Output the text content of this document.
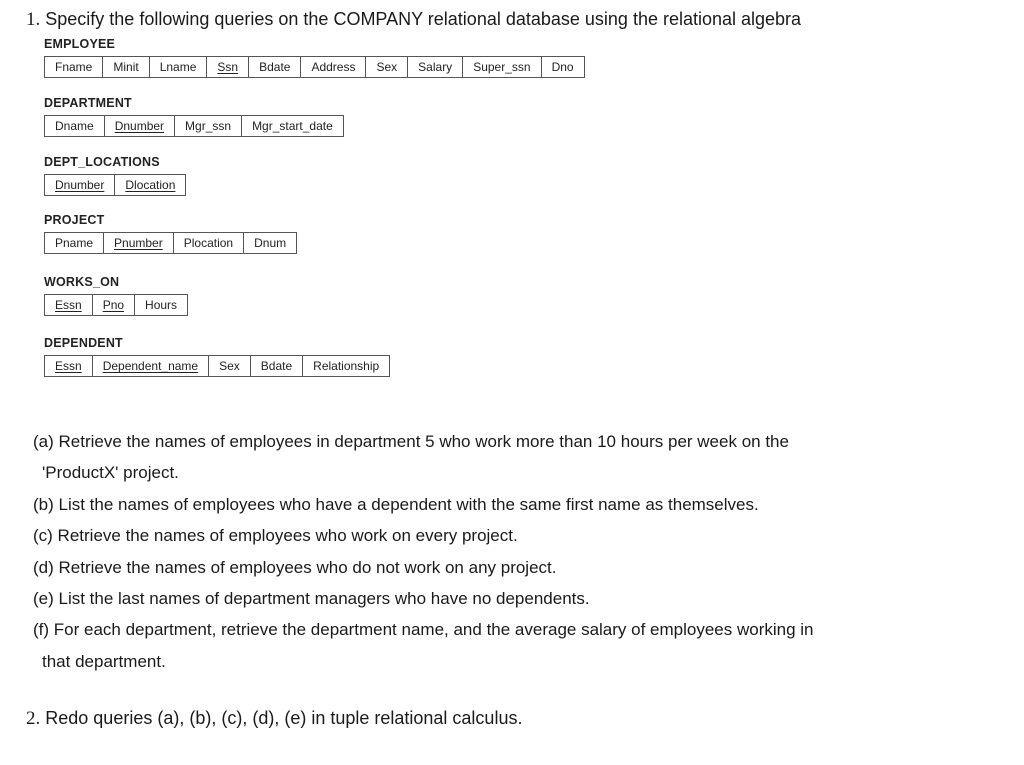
1. Specify the following queries on the COMPANY relational database using the relational algebra
EMPLOYEE
Fname	Minit	Lname	Ssn	Bdate	Address	Sex	Salary	Super_ssn	Dno
DEPARTMENT
Dname	Dnumber	Mgr_ssn	Mgr_start_date
DEPT_LOCATIONS
Dnumber	Dlocation
PROJECT
Pname	Pnumber	Plocation	Dnum
WORKS_ON
Essn	Pno	Hours
DEPENDENT
Essn	Dependent_name	Sex	Bdate	Relationship
(a) Retrieve the names of employees in department 5 who work more than 10 hours per week on the
'ProductX' project.
(b) List the names of employees who have a dependent with the same first name as themselves.
(c) Retrieve the names of employees who work on every project.
(d) Retrieve the names of employees who do not work on any project.
(e) List the last names of department managers who have no dependents.
(f) For each department, retrieve the department name, and the average salary of employees working in
that department.
2. Redo queries (a), (b), (c), (d), (e) in tuple relational calculus.
